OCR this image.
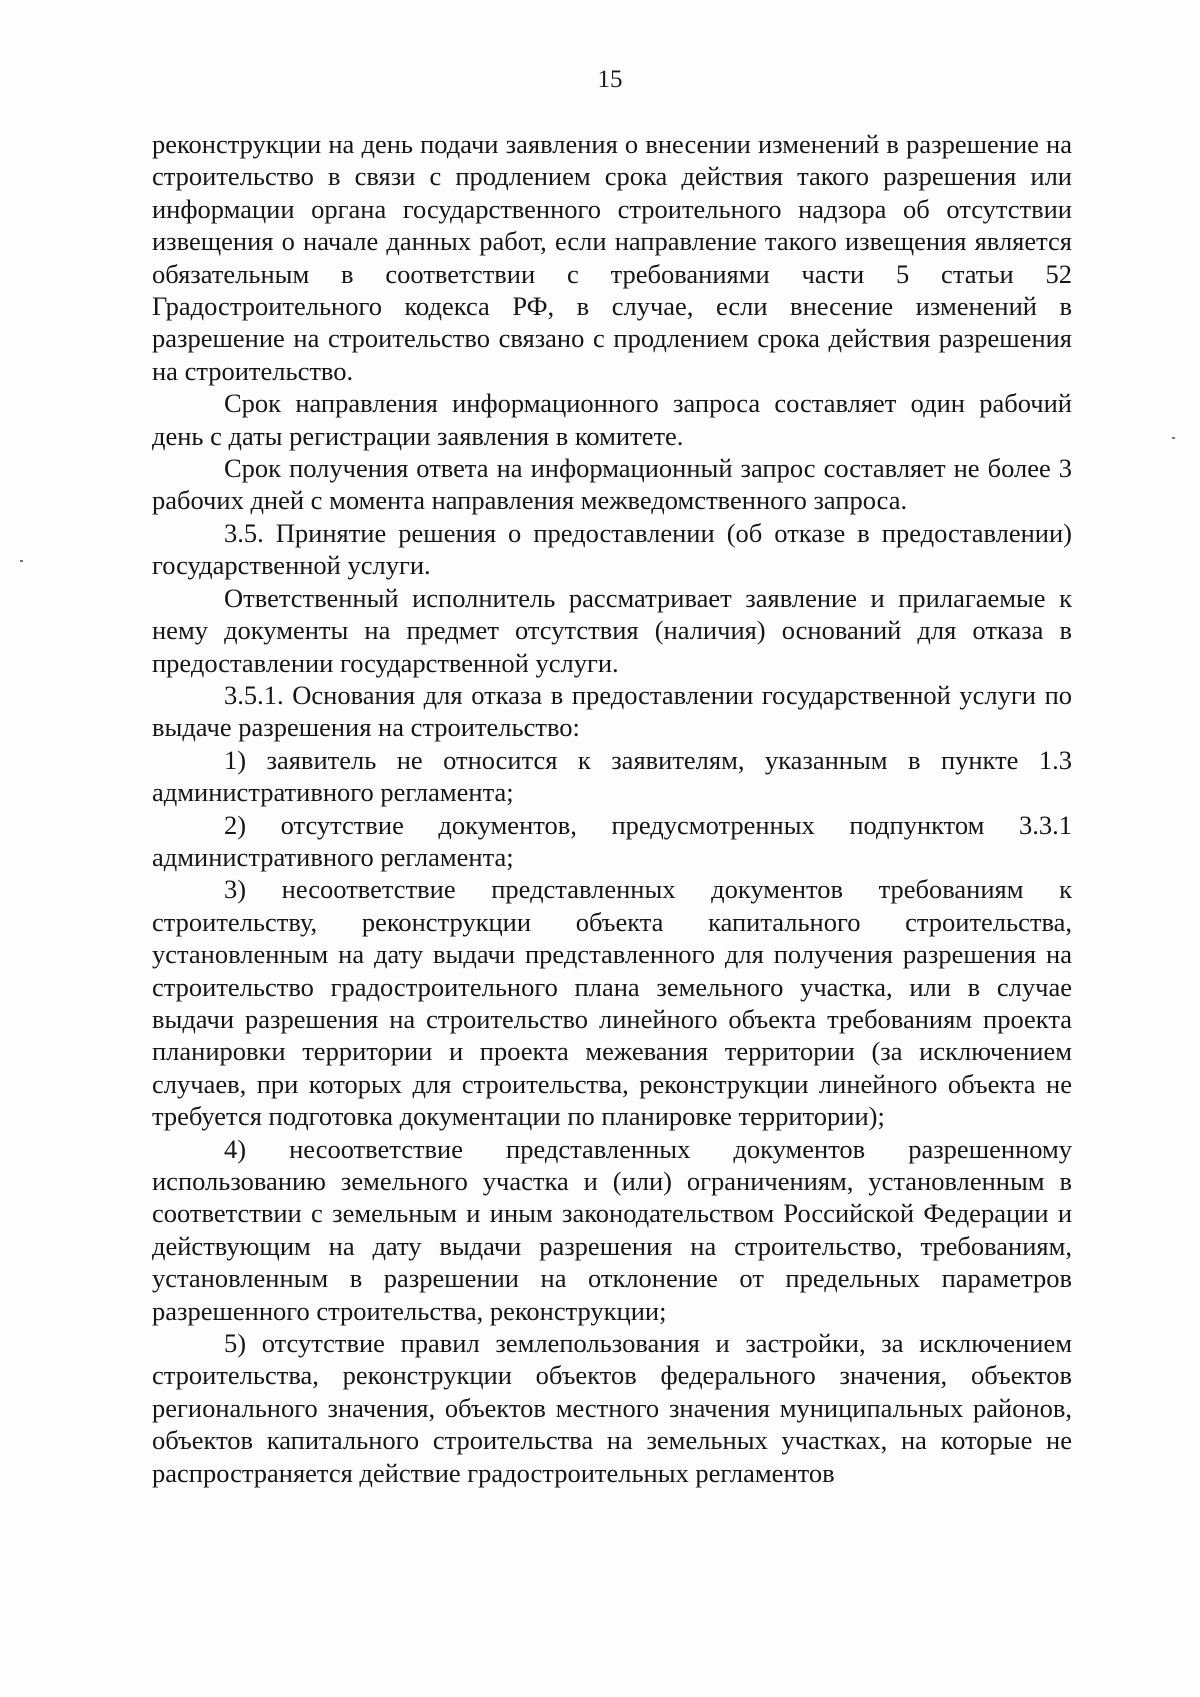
15

реконструкции на день подачи заявления о внесении изменений в разрешение на строительство в связи с продлением срока действия такого разрешения или информации органа государственного строительного надзора об отсутствии извещения о начале данных работ, если направление такого извещения является обязательным в соответствии с требованиями части 5 статьи 52 Градостроительного кодекса РФ, в случае, если внесение изменений в разрешение на строительство связано с продлением срока действия разрешения на строительство.

Срок направления информационного запроса составляет один рабочий день с даты регистрации заявления в комитете.

Срок получения ответа на информационный запрос составляет не более 3 рабочих дней с момента направления межведомственного запроса.

3.5. Принятие решения о предоставлении (об отказе в предоставлении) государственной услуги.

Ответственный исполнитель рассматривает заявление и прилагаемые к нему документы на предмет отсутствия (наличия) оснований для отказа в предоставлении государственной услуги.

3.5.1. Основания для отказа в предоставлении государственной услуги по выдаче разрешения на строительство:

1) заявитель не относится к заявителям, указанным в пункте 1.3 административного регламента;

2) отсутствие документов, предусмотренных подпунктом 3.3.1 административного регламента;

3) несоответствие представленных документов требованиям к строительству, реконструкции объекта капитального строительства, установленным на дату выдачи представленного для получения разрешения на строительство градостроительного плана земельного участка, или в случае выдачи разрешения на строительство линейного объекта требованиям проекта планировки территории и проекта межевания территории (за исключением случаев, при которых для строительства, реконструкции линейного объекта не требуется подготовка документации по планировке территории);

4) несоответствие представленных документов разрешенному использованию земельного участка и (или) ограничениям, установленным в соответствии с земельным и иным законодательством Российской Федерации и действующим на дату выдачи разрешения на строительство, требованиям, установленным в разрешении на отклонение от предельных параметров разрешенного строительства, реконструкции;

5) отсутствие правил землепользования и застройки, за исключением строительства, реконструкции объектов федерального значения, объектов регионального значения, объектов местного значения муниципальных районов, объектов капитального строительства на земельных участках, на которые не распространяется действие градостроительных регламентов
